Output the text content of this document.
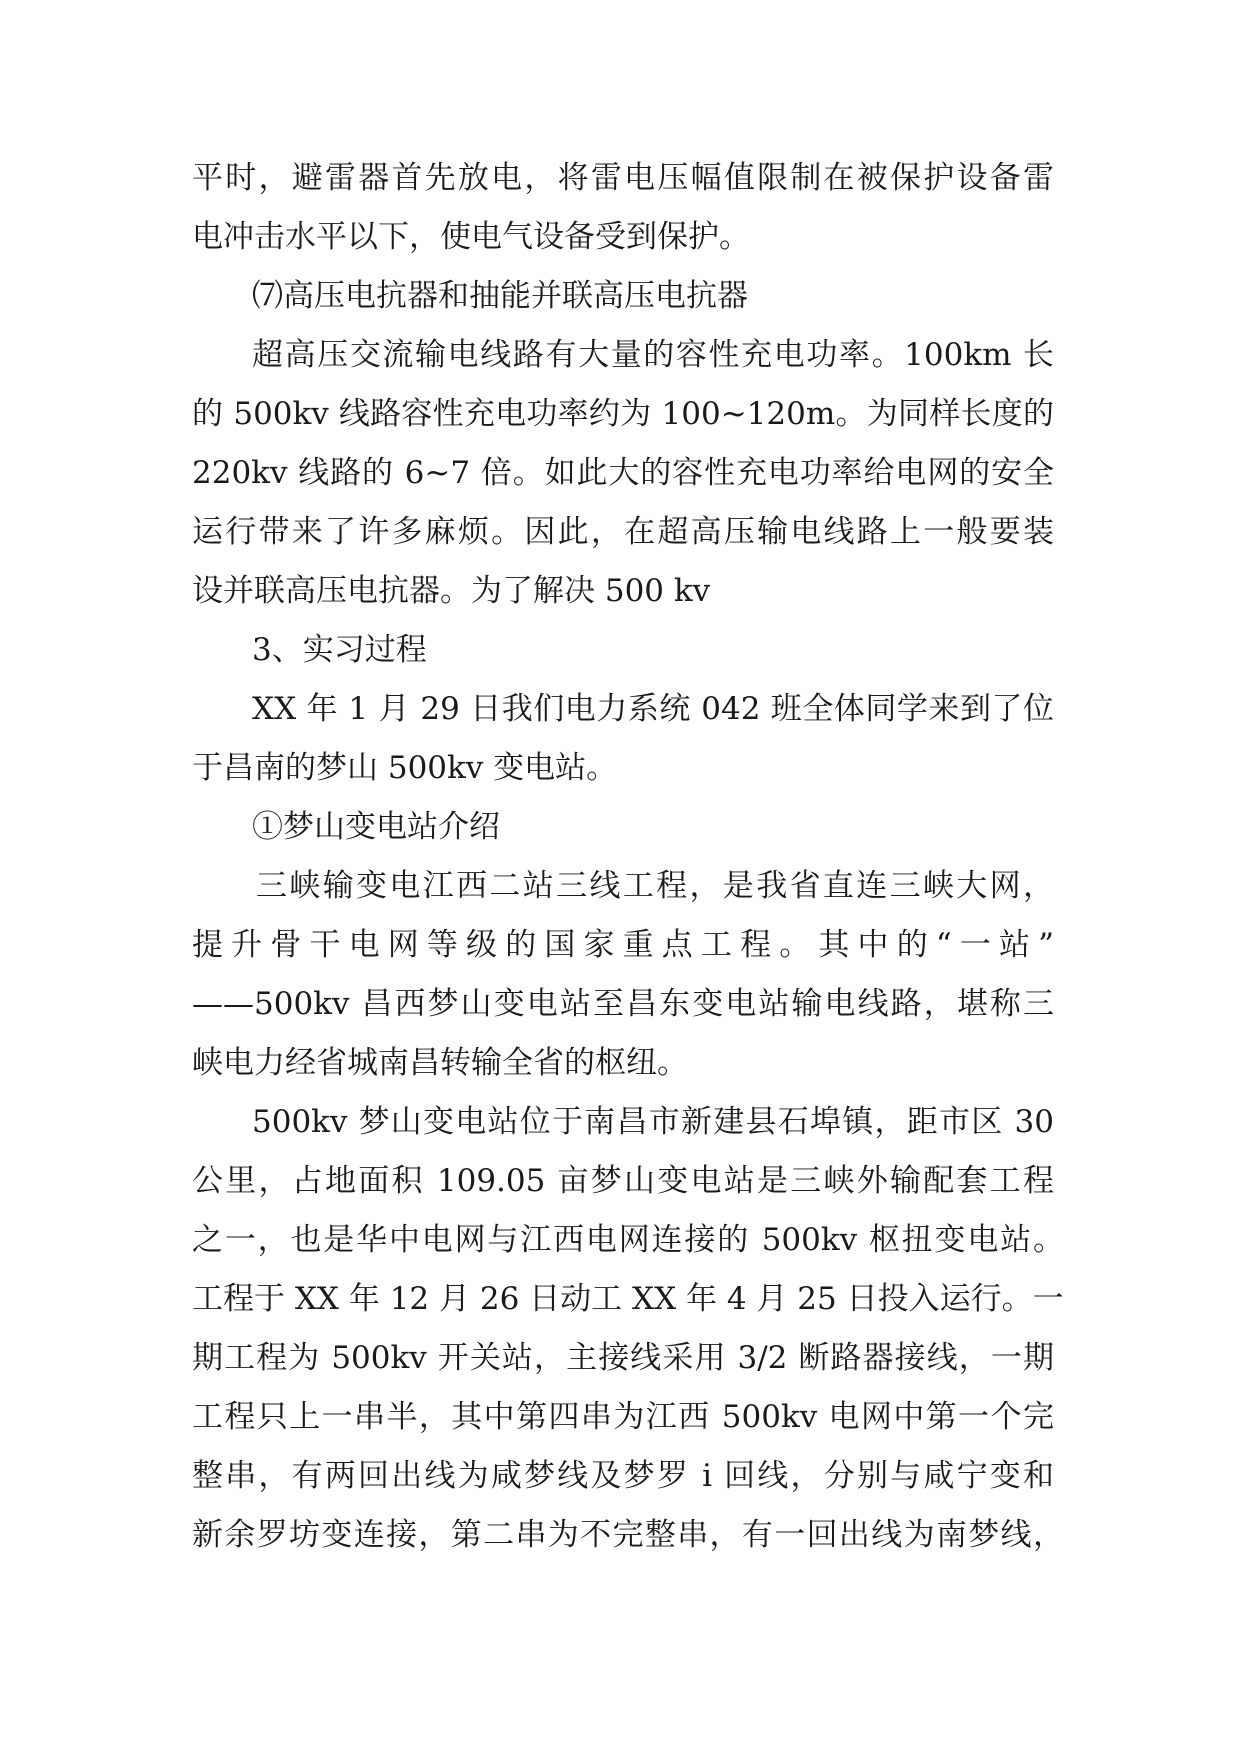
平时，避雷器首先放电，将雷电压幅值限制在被保护设备雷
电冲击水平以下，使电气设备受到保护。
⑺高压电抗器和抽能并联高压电抗器
超高压交流输电线路有大量的容性充电功率。100km 长
的 500kv 线路容性充电功率约为 100~120m。为同样长度的
220kv 线路的 6~7 倍。如此大的容性充电功率给电网的安全
运行带来了许多麻烦。因此，在超高压输电线路上一般要装
设并联高压电抗器。为了解决 500 kv
3、实习过程
XX 年 1 月 29 日我们电力系统 042 班全体同学来到了位
于昌南的梦山 500kv 变电站。
①梦山变电站介绍
三峡输变电江西二站三线工程，是我省直连三峡大网，
提升骨干电网等级的国家重点工程。其中的“一站”
——500kv 昌西梦山变电站至昌东变电站输电线路，堪称三
峡电力经省城南昌转输全省的枢纽。
500kv 梦山变电站位于南昌市新建县石埠镇，距市区 30
公里，占地面积 109.05 亩梦山变电站是三峡外输配套工程
之一，也是华中电网与江西电网连接的 500kv 枢扭变电站。
工程于 XX 年 12 月 26 日动工 XX 年 4 月 25 日投入运行。一
期工程为 500kv 开关站，主接线采用 3/2 断路器接线，一期
工程只上一串半，其中第四串为江西 500kv 电网中第一个完
整串，有两回出线为咸梦线及梦罗 i 回线，分别与咸宁变和
新余罗坊变连接，第二串为不完整串，有一回出线为南梦线，
